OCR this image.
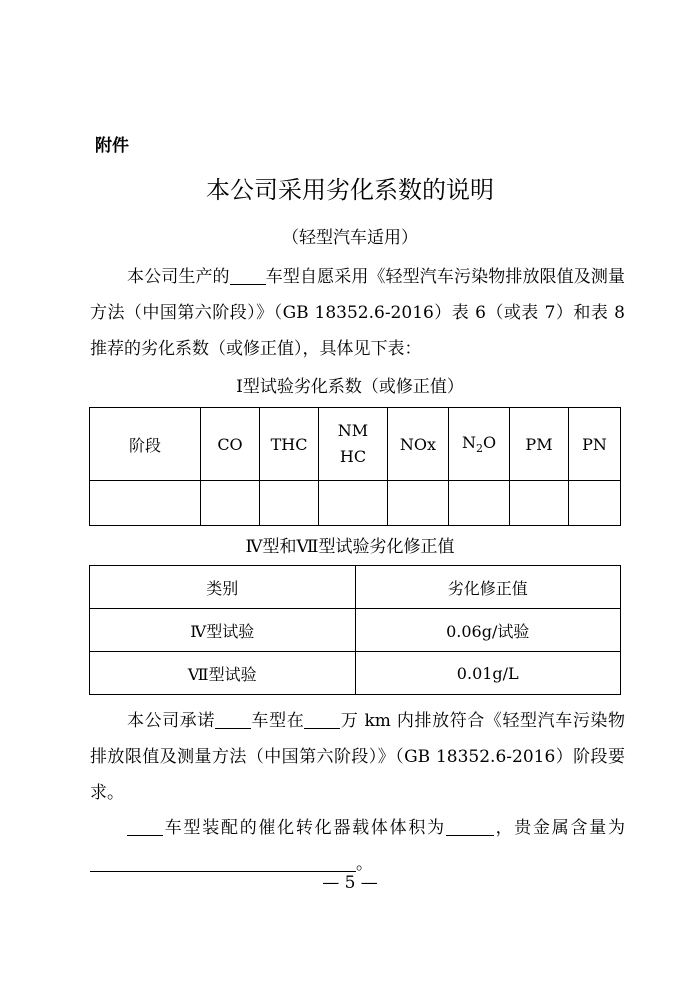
附件
本公司采用劣化系数的说明
（轻型汽车适用）
本公司生产的 车型自愿采用《轻型汽车污染物排放限值及测量方法（中国第六阶段）》（GB 18352.6-2016）表 6（或表 7）和表 8 推荐的劣化系数（或修正值），具体见下表：
Ⅰ型试验劣化系数（或修正值）
阶段	CO	THC	NMHC	NOx	$N_2O$	PM	PN

Ⅳ型和Ⅶ型试验劣化修正值
类别	劣化修正值
Ⅳ型试验	0.06g/试验
Ⅶ型试验	0.01g/L
本公司承诺 车型在 万 km 内排放符合《轻型汽车污染物排放限值及测量方法（中国第六阶段）》（GB 18352.6-2016）阶段要求。
车型装配的催化转化器载体体积为	，贵金属含量为。
— 5 —
